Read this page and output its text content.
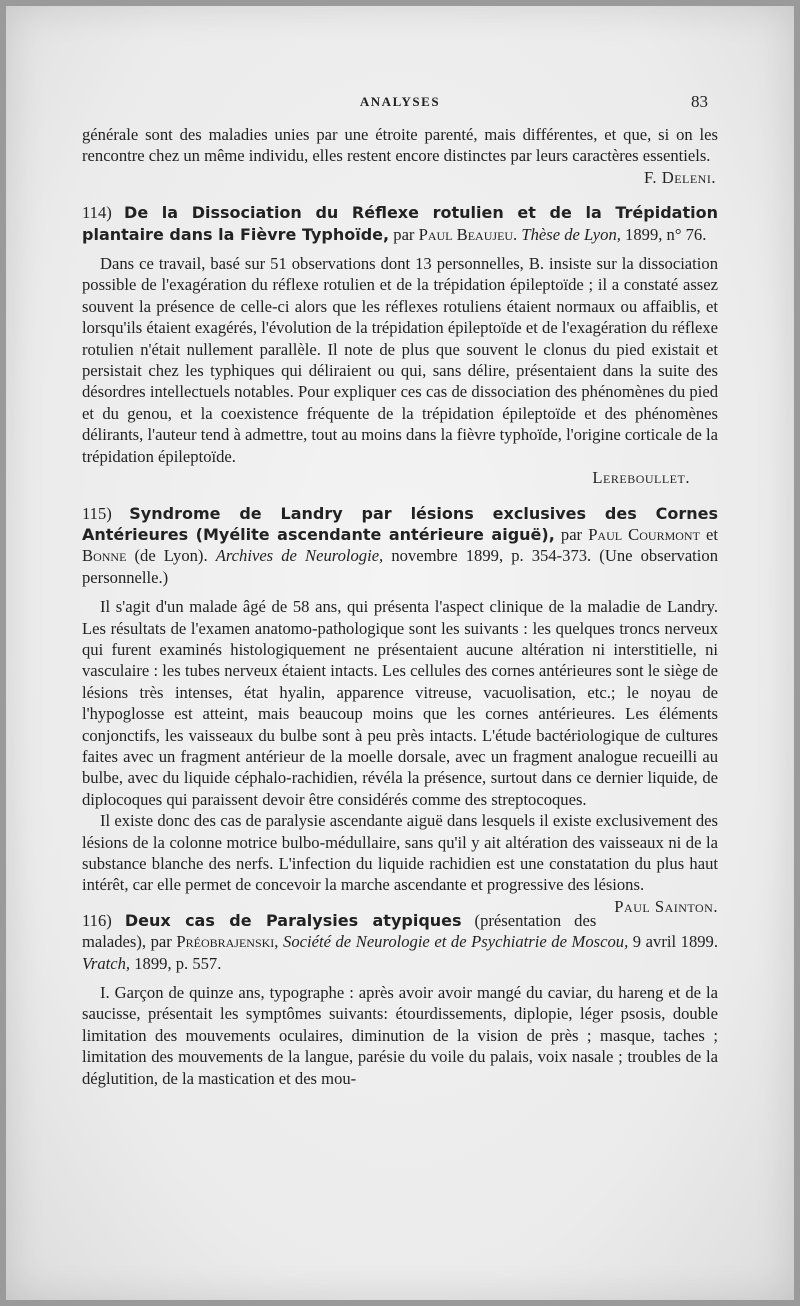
ANALYSES	83

générale sont des maladies unies par une étroite parenté, mais différentes, et que, si on les rencontre chez un même individu, elles restent encore distinctes par leurs caractères essentiels.

F. Deleni.

114) De la Dissociation du Réflexe rotulien et de la Trépidation plantaire dans la Fièvre Typhoïde, par Paul Beaujeu. Thèse de Lyon, 1899, n° 76.

Dans ce travail, basé sur 51 observations dont 13 personnelles, B. insiste sur la dissociation possible de l'exagération du réflexe rotulien et de la trépidation épileptoïde ; il a constaté assez souvent la présence de celle-ci alors que les réflexes rotuliens étaient normaux ou affaiblis, et lorsqu'ils étaient exagérés, l'évolution de la trépidation épileptoïde et de l'exagération du réflexe rotulien n'était nullement parallèle. Il note de plus que souvent le clonus du pied existait et persistait chez les typhiques qui déliraient ou qui, sans délire, présentaient dans la suite des désordres intellectuels notables. Pour expliquer ces cas de dissociation des phénomènes du pied et du genou, et la coexistence fréquente de la trépidation épileptoïde et des phénomènes délirants, l'auteur tend à admettre, tout au moins dans la fièvre typhoïde, l'origine corticale de la trépidation épileptoïde.

Lereboullet.

115) Syndrome de Landry par lésions exclusives des Cornes Antérieures (Myélite ascendante antérieure aiguë), par Paul Courmont et Bonne (de Lyon). Archives de Neurologie, novembre 1899, p. 354-373. (Une observation personnelle.)

Il s'agit d'un malade âgé de 58 ans, qui présenta l'aspect clinique de la maladie de Landry. Les résultats de l'examen anatomo-pathologique sont les suivants : les quelques troncs nerveux qui furent examinés histologiquement ne présentaient aucune altération ni interstitielle, ni vasculaire : les tubes nerveux étaient intacts. Les cellules des cornes antérieures sont le siège de lésions très intenses, état hyalin, apparence vitreuse, vacuolisation, etc.; le noyau de l'hypoglosse est atteint, mais beaucoup moins que les cornes antérieures. Les éléments conjonctifs, les vaisseaux du bulbe sont à peu près intacts. L'étude bactériologique de cultures faites avec un fragment antérieur de la moelle dorsale, avec un fragment analogue recueilli au bulbe, avec du liquide céphalo-rachidien, révéla la présence, surtout dans ce dernier liquide, de diplocoques qui paraissent devoir être considérés comme des streptocoques.

Il existe donc des cas de paralysie ascendante aiguë dans lesquels il existe exclusivement des lésions de la colonne motrice bulbo-médullaire, sans qu'il y ait altération des vaisseaux ni de la substance blanche des nerfs. L'infection du liquide rachidien est une constatation du plus haut intérêt, car elle permet de concevoir la marche ascendante et progressive des lésions.
Paul Sainton.

116) Deux cas de Paralysies atypiques (présentation des malades), par Préobrajenski, Société de Neurologie et de Psychiatrie de Moscou, 9 avril 1899. Vratch, 1899, p. 557.

I. Garçon de quinze ans, typographe : après avoir avoir mangé du caviar, du hareng et de la saucisse, présentait les symptômes suivants: étourdissements, diplopie, léger psosis, double limitation des mouvements oculaires, diminution de la vision de près ; masque, taches ; limitation des mouvements de la langue, parésie du voile du palais, voix nasale ; troubles de la déglutition, de la mastication et des mou-
